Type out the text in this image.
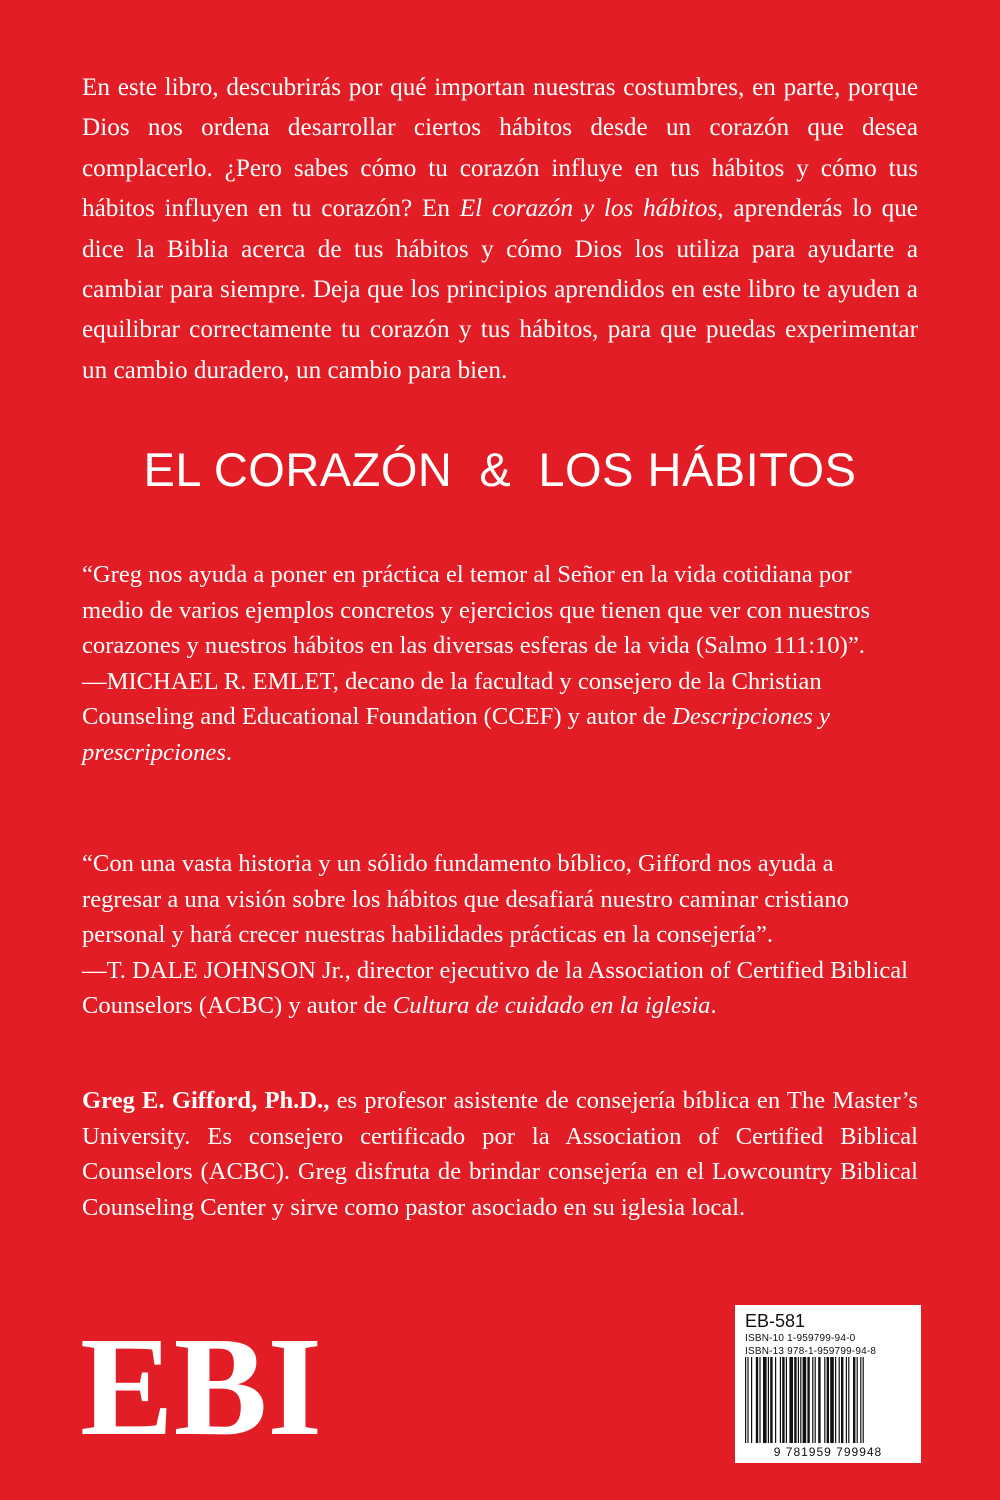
En este libro, descubrirás por qué importan nuestras costumbres, en parte, porque Dios nos ordena desarrollar ciertos hábitos desde un corazón que desea complacerlo. ¿Pero sabes cómo tu corazón influye en tus hábitos y cómo tus hábitos influyen en tu corazón? En El corazón y los hábitos, aprenderás lo que dice la Biblia acerca de tus hábitos y cómo Dios los utiliza para ayudarte a cambiar para siempre. Deja que los principios aprendidos en este libro te ayuden a equilibrar correctamente tu corazón y tus hábitos, para que puedas experimentar un cambio duradero, un cambio para bien.

EL CORAZÓN  &  LOS HÁBITOS

“Greg nos ayuda a poner en práctica el temor al Señor en la vida cotidiana por medio de varios ejemplos concretos y ejercicios que tienen que ver con nuestros corazones y nuestros hábitos en las diversas esferas de la vida (Salmo 111:10)”.
—MICHAEL R. EMLET, decano de la facultad y consejero de la Christian Counseling and Educational Foundation (CCEF) y autor de Descripciones y prescripciones.

“Con una vasta historia y un sólido fundamento bíblico, Gifford nos ayuda a regresar a una visión sobre los hábitos que desafiará nuestro caminar cristiano personal y hará crecer nuestras habilidades prácticas en la consejería”.
—T. DALE JOHNSON Jr., director ejecutivo de la Association of Certified Biblical Counselors (ACBC) y autor de Cultura de cuidado en la iglesia.

Greg E. Gifford, Ph.D., es profesor asistente de consejería bíblica en The Master’s University. Es consejero certificado por la Association of Certified Biblical Counselors (ACBC). Greg disfruta de brindar consejería en el Lowcountry Biblical Counseling Center y sirve como pastor asociado en su iglesia local.

EBI	EB-581

ISBN-10 1-959799-94-0

ISBN-13 978-1-959799-94-8

9 781959 799948
